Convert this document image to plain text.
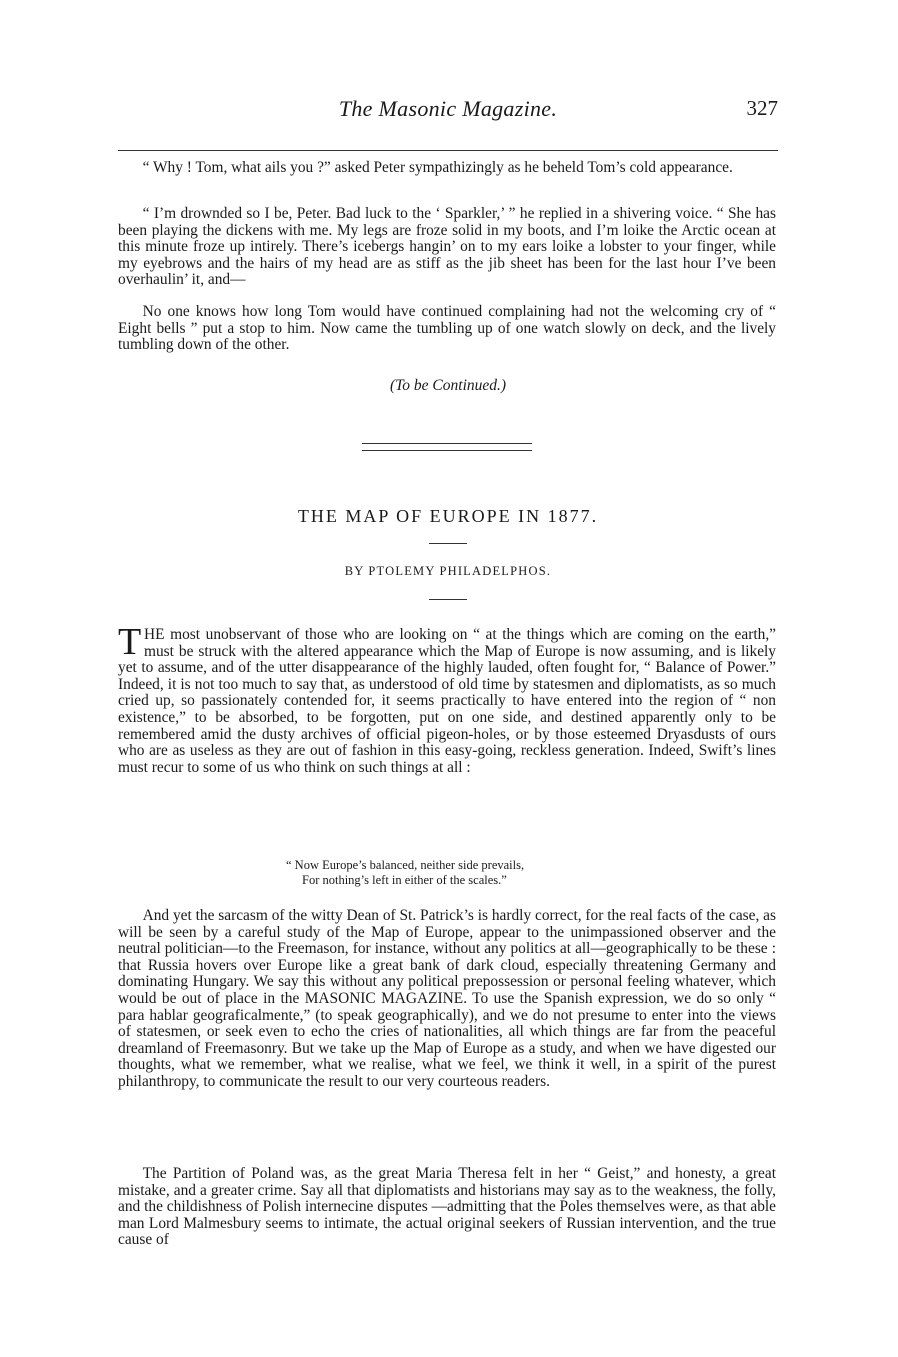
The Masonic Magazine.	327

“ Why ! Tom, what ails you ?” asked Peter sympathizingly as he beheld Tom’s cold appearance.

“ I’m drownded so I be, Peter. Bad luck to the ‘ Sparkler,’ ” he replied in a shivering voice. “ She has been playing the dickens with me. My legs are froze solid in my boots, and I’m loike the Arctic ocean at this minute froze up intirely. There’s icebergs hangin’ on to my ears loike a lobster to your finger, while my eyebrows and the hairs of my head are as stiff as the jib sheet has been for the last hour I’ve been overhaulin’ it, and—

No one knows how long Tom would have continued complaining had not the welcoming cry of “ Eight bells ” put a stop to him. Now came the tumbling up of one watch slowly on deck, and the lively tumbling down of the other.

(To be Continued.)
THE MAP OF EUROPE IN 1877.
BY PTOLEMY PHILADELPHOS.
T HE most unobservant of those who are looking on “ at the things which are coming on the earth,” must be struck with the altered appearance which the Map of Europe is now assuming, and is likely yet to assume, and of the utter disappearance of the highly lauded, often fought for, “ Balance of Power.” Indeed, it is not too much to say that, as understood of old time by statesmen and diplomatists, as so much cried up, so passionately contended for, it seems practically to have entered into the region of “ non existence,” to be absorbed, to be forgotten, put on one side, and destined apparently only to be remembered amid the dusty archives of official pigeon-holes, or by those esteemed Dryasdusts of ours who are as useless as they are out of fashion in this easy-going, reckless generation. Indeed, Swift’s lines must recur to some of us who think on such things at all :

“ Now Europe’s balanced, neither side prevails,
For nothing’s left in either of the scales.”

And yet the sarcasm of the witty Dean of St. Patrick’s is hardly correct, for the real facts of the case, as will be seen by a careful study of the Map of Europe, appear to the unimpassioned observer and the neutral politician—to the Freemason, for instance, without any politics at all—geographically to be these : that Russia hovers over Europe like a great bank of dark cloud, especially threatening Germany and dominating Hungary. We say this without any political prepossession or personal feeling whatever, which would be out of place in the MASONIC MAGAZINE. To use the Spanish expression, we do so only “ para hablar geograficalmente,” (to speak geographically), and we do not presume to enter into the views of statesmen, or seek even to echo the cries of nationalities, all which things are far from the peaceful dreamland of Freemasonry. But we take up the Map of Europe as a study, and when we have digested our thoughts, what we remember, what we realise, what we feel, we think it well, in a spirit of the purest philanthropy, to communicate the result to our very courteous readers.

The Partition of Poland was, as the great Maria Theresa felt in her “ Geist,” and honesty, a great mistake, and a greater crime. Say all that diplomatists and historians may say as to the weakness, the folly, and the childishness of Polish internecine disputes —admitting that the Poles themselves were, as that able man Lord Malmesbury seems to intimate, the actual original seekers of Russian intervention, and the true cause of
